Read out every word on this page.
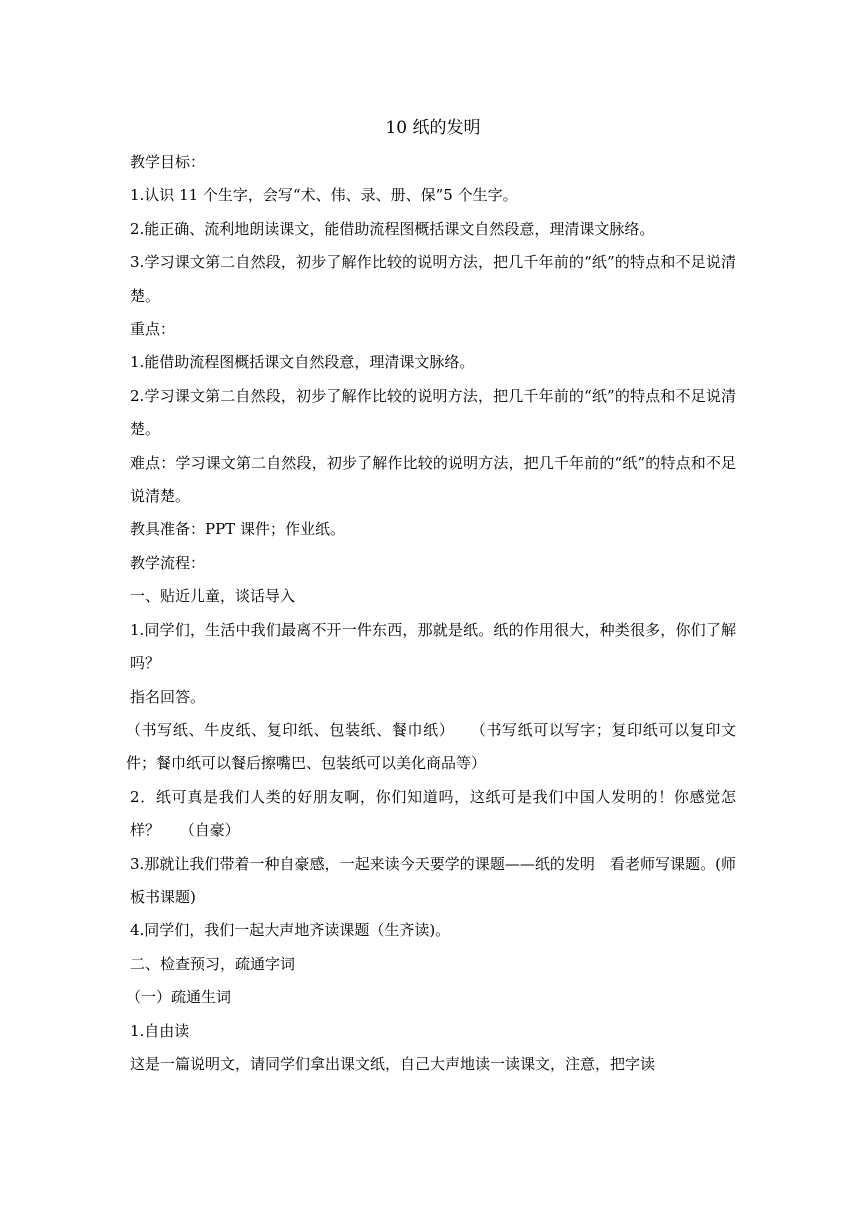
10 纸的发明

教学目标：

1.认识 11 个生字，会写“术、伟、录、册、保”5 个生字。

2.能正确、流利地朗读课文，能借助流程图概括课文自然段意，理清课文脉络。

3.学习课文第二自然段，初步了解作比较的说明方法，把几千年前的“纸”的特点和不足说清楚。

重点：

1.能借助流程图概括课文自然段意，理清课文脉络。

2.学习课文第二自然段，初步了解作比较的说明方法，把几千年前的“纸”的特点和不足说清楚。

难点：学习课文第二自然段，初步了解作比较的说明方法，把几千年前的“纸”的特点和不足说清楚。

教具准备：PPT 课件；作业纸。

教学流程：

一、贴近儿童，谈话导入

1.同学们，生活中我们最离不开一件东西，那就是纸。纸的作用很大，种类很多，你们了解吗？

指名回答。

（书写纸、牛皮纸、复印纸、包装纸、餐巾纸）　　（书写纸可以写字；复印纸可以复印文件；餐巾纸可以餐后擦嘴巴、包装纸可以美化商品等）

2．纸可真是我们人类的好朋友啊，你们知道吗，这纸可是我们中国人发明的！你感觉怎样？　 （自豪）

3.那就让我们带着一种自豪感，一起来读今天要学的课题——纸的发明　看老师写课题。(师板书课题)

4.同学们，我们一起大声地齐读课题（生齐读)。

二、检查预习，疏通字词

（一）疏通生词

1.自由读

这是一篇说明文，请同学们拿出课文纸，自己大声地读一读课文，注意，把字读
